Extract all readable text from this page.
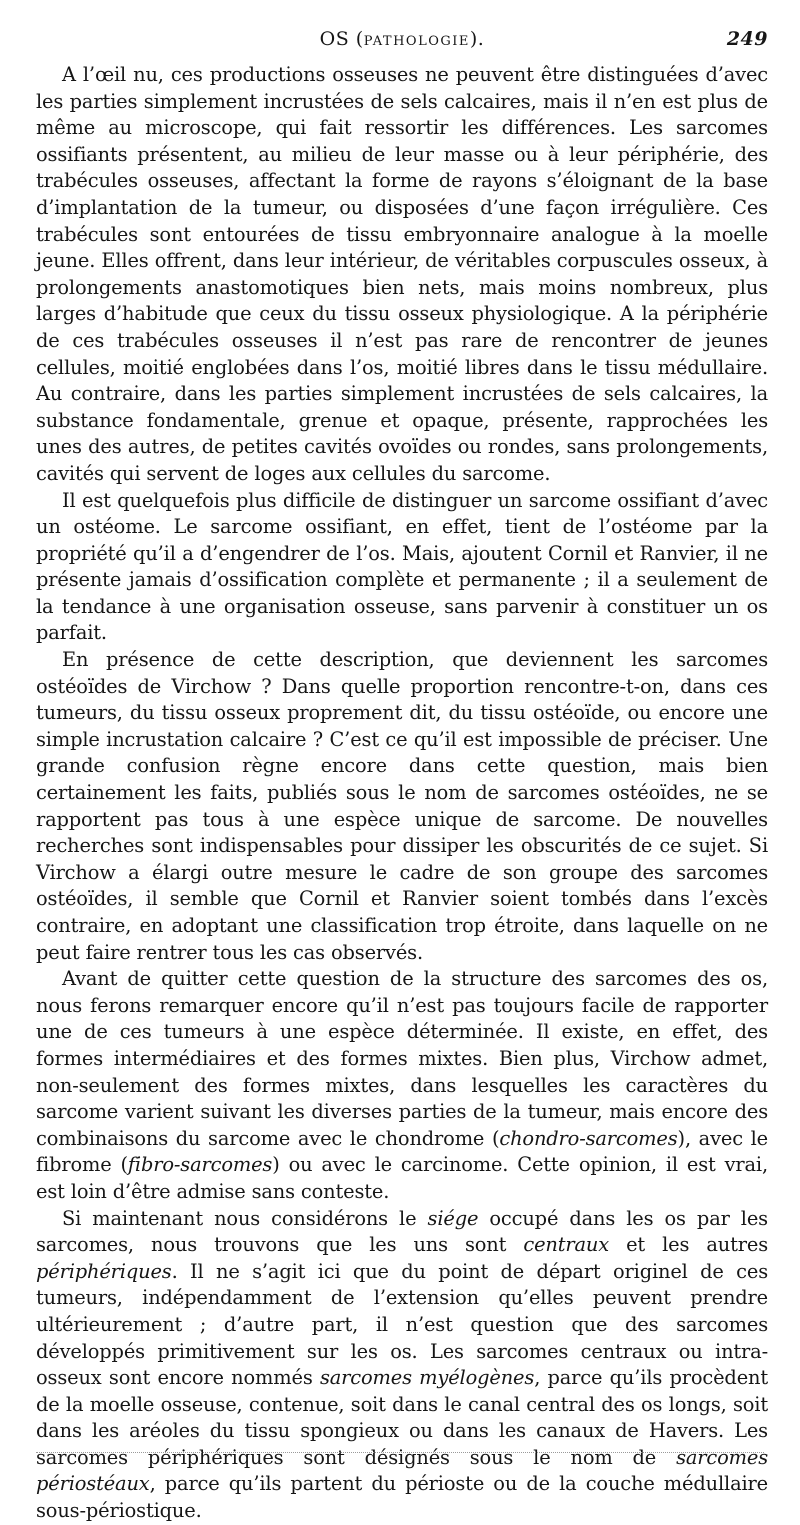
OS (PATHOLOGIE).	249

A l’œil nu, ces productions osseuses ne peuvent être distinguées d’avec les parties simplement incrustées de sels calcaires, mais il n’en est plus de même au microscope, qui fait ressortir les différences. Les sarcomes ossifiants présentent, au milieu de leur masse ou à leur périphérie, des trabécules osseuses, affectant la forme de rayons s’éloignant de la base d’implantation de la tumeur, ou disposées d’une façon irrégulière. Ces trabécules sont entourées de tissu embryonnaire analogue à la moelle jeune. Elles offrent, dans leur intérieur, de véritables corpuscules osseux, à prolongements anastomotiques bien nets, mais moins nombreux, plus larges d’habitude que ceux du tissu osseux physiologique. A la périphérie de ces trabécules osseuses il n’est pas rare de rencontrer de jeunes cellules, moitié englobées dans l’os, moitié libres dans le tissu médullaire. Au contraire, dans les parties simplement incrustées de sels calcaires, la substance fondamentale, grenue et opaque, présente, rapprochées les unes des autres, de petites cavités ovoïdes ou rondes, sans prolongements, cavités qui servent de loges aux cellules du sarcome.

Il est quelquefois plus difficile de distinguer un sarcome ossifiant d’avec un ostéome. Le sarcome ossifiant, en effet, tient de l’ostéome par la propriété qu’il a d’engendrer de l’os. Mais, ajoutent Cornil et Ranvier, il ne présente jamais d’ossification complète et permanente ; il a seulement de la tendance à une organisation osseuse, sans parvenir à constituer un os parfait.

En présence de cette description, que deviennent les sarcomes ostéoïdes de Virchow ? Dans quelle proportion rencontre-t-on, dans ces tumeurs, du tissu osseux proprement dit, du tissu ostéoïde, ou encore une simple incrustation calcaire ? C’est ce qu’il est impossible de préciser. Une grande confusion règne encore dans cette question, mais bien certainement les faits, publiés sous le nom de sarcomes ostéoïdes, ne se rapportent pas tous à une espèce unique de sarcome. De nouvelles recherches sont indispensables pour dissiper les obscurités de ce sujet. Si Virchow a élargi outre mesure le cadre de son groupe des sarcomes ostéoïdes, il semble que Cornil et Ranvier soient tombés dans l’excès contraire, en adoptant une classification trop étroite, dans laquelle on ne peut faire rentrer tous les cas observés.

Avant de quitter cette question de la structure des sarcomes des os, nous ferons remarquer encore qu’il n’est pas toujours facile de rapporter une de ces tumeurs à une espèce déterminée. Il existe, en effet, des formes intermédiaires et des formes mixtes. Bien plus, Virchow admet, non-seulement des formes mixtes, dans lesquelles les caractères du sarcome varient suivant les diverses parties de la tumeur, mais encore des combinaisons du sarcome avec le chondrome (chondro-sarcomes), avec le fibrome (fibro-sarcomes) ou avec le carcinome. Cette opinion, il est vrai, est loin d’être admise sans conteste.

Si maintenant nous considérons le siége occupé dans les os par les sarcomes, nous trouvons que les uns sont centraux et les autres périphériques. Il ne s’agit ici que du point de départ originel de ces tumeurs, indépendamment de l’extension qu’elles peuvent prendre ultérieurement ; d’autre part, il n’est question que des sarcomes développés primitivement sur les os. Les sarcomes centraux ou intra-osseux sont encore nommés sarcomes myélogènes, parce qu’ils procèdent de la moelle osseuse, contenue, soit dans le canal central des os longs, soit dans les aréoles du tissu spongieux ou dans les canaux de Havers. Les sarcomes périphériques sont désignés sous le nom de sarcomes périostéaux, parce qu’ils partent du périoste ou de la couche médullaire sous-périostique.
